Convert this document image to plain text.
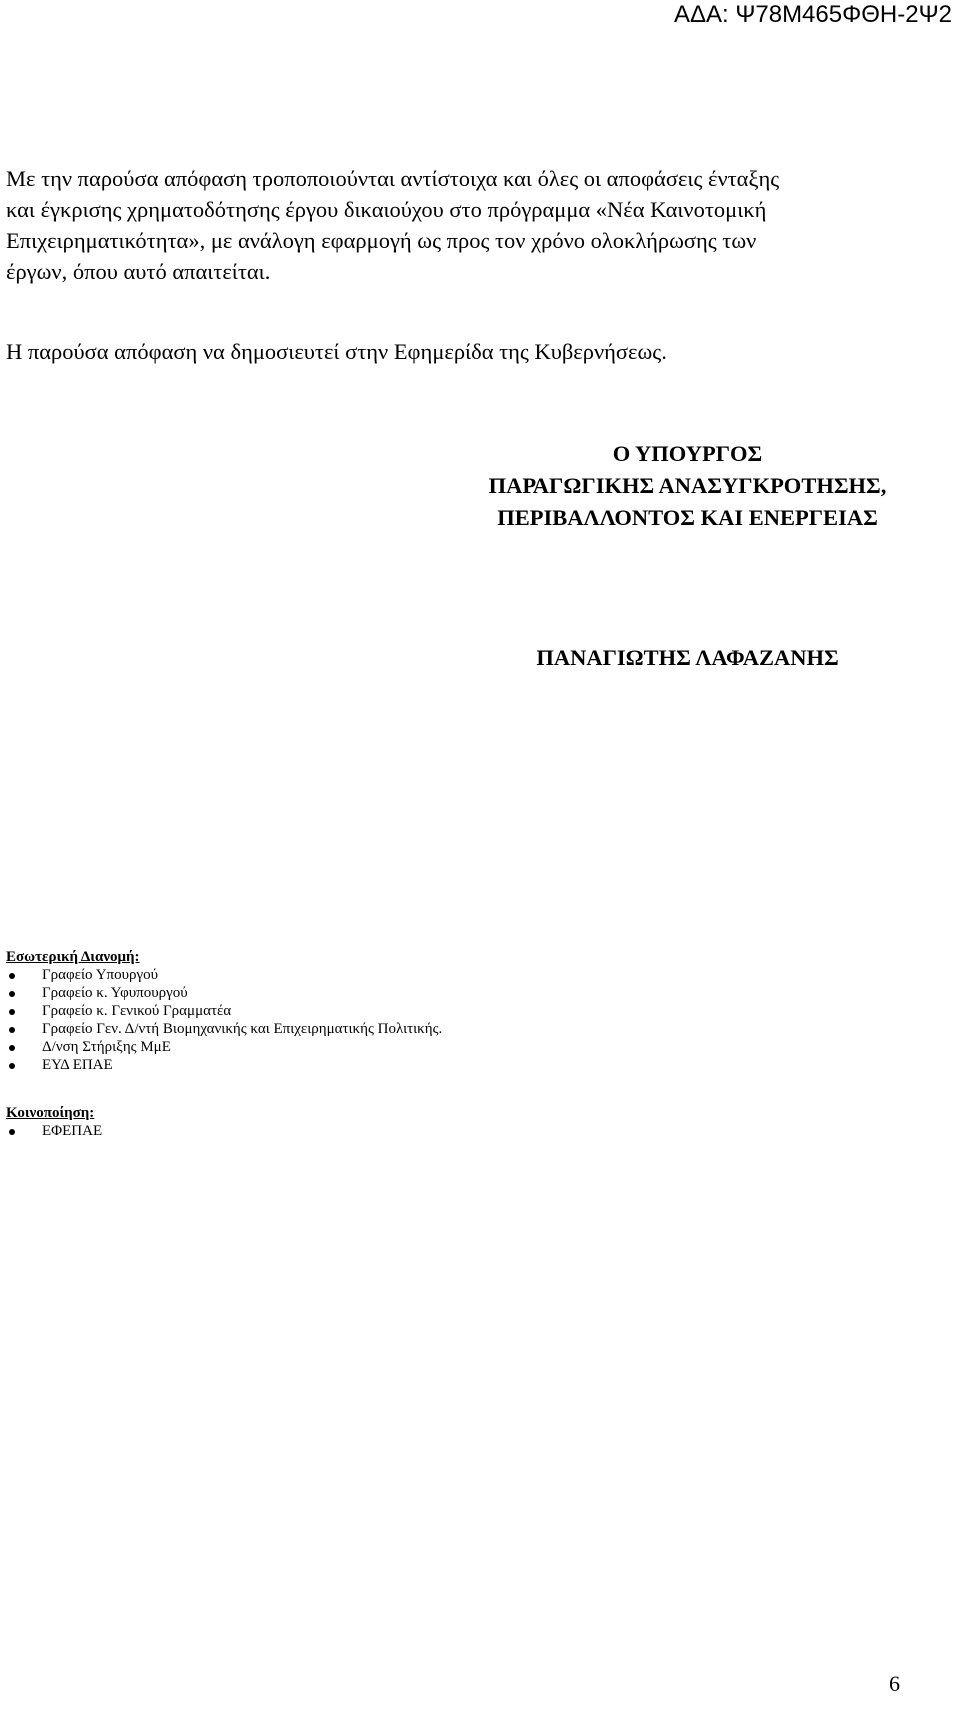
ΑΔΑ: Ψ78Μ465ΦΘΗ-2Ψ2
Με την παρούσα απόφαση τροποποιούνται αντίστοιχα και όλες οι αποφάσεις ένταξης
και έγκρισης χρηματοδότησης έργου δικαιούχου στο πρόγραμμα «Νέα Καινοτομική
Επιχειρηματικότητα», με ανάλογη εφαρμογή ως προς τον χρόνο ολοκλήρωσης των
έργων, όπου αυτό απαιτείται.

Η παρούσα απόφαση να δημοσιευτεί στην Εφημερίδα της Κυβερνήσεως.

Ο ΥΠΟΥΡΓΟΣ
ΠΑΡΑΓΩΓΙΚΗΣ ΑΝΑΣΥΓΚΡΟΤΗΣΗΣ,
ΠΕΡΙΒΑΛΛΟΝΤΟΣ ΚΑΙ ΕΝΕΡΓΕΙΑΣ
ΠΑΝΑΓΙΩΤΗΣ ΛΑΦΑΖΑΝΗΣ
Εσωτερική Διανομή:
Γραφείο Υπουργού
Γραφείο κ. Υφυπουργού
Γραφείο κ. Γενικού Γραμματέα
Γραφείο Γεν. Δ/ντή Βιομηχανικής και Επιχειρηματικής Πολιτικής.
Δ/νση Στήριξης ΜμΕ
ΕΥΔ ΕΠΑΕ
Κοινοποίηση:
ΕΦΕΠΑΕ
6
